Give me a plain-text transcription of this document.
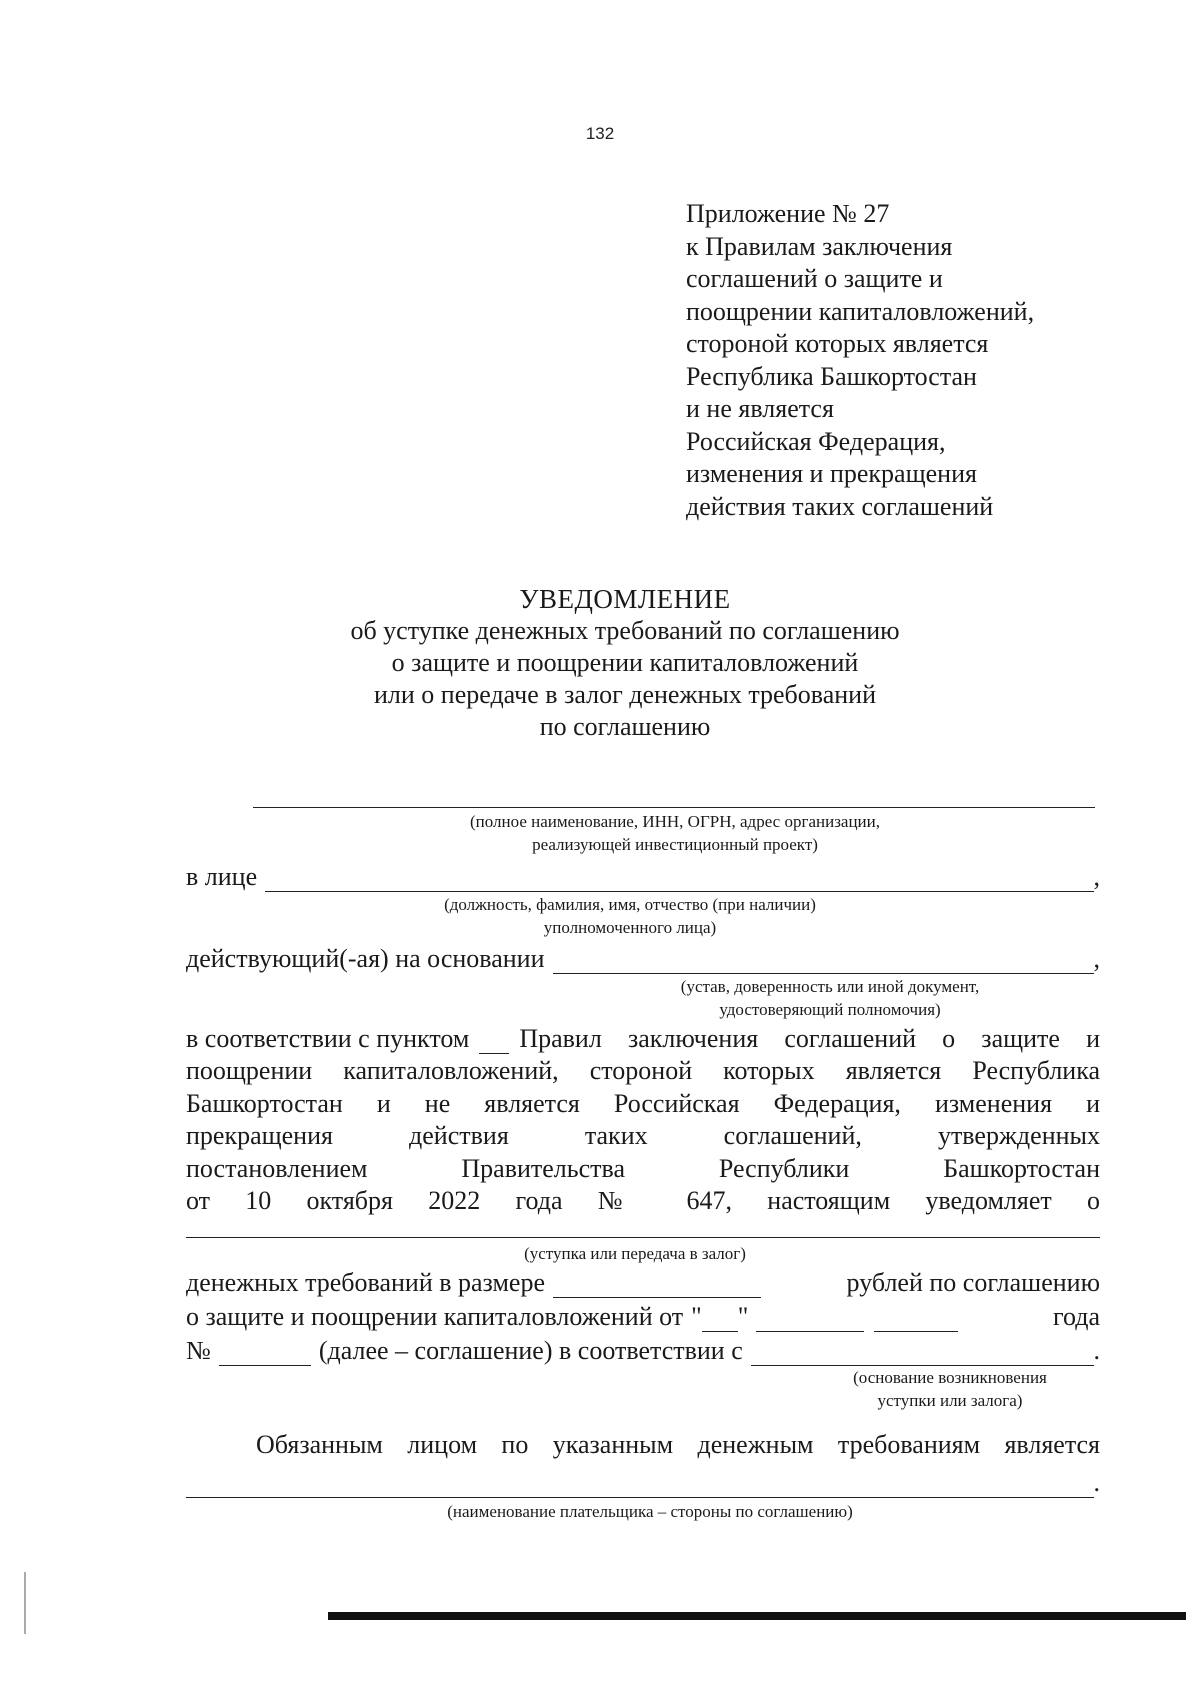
132
Приложение № 27
к Правилам заключения
соглашений о защите и
поощрении капиталовложений,
стороной которых является
Республика Башкортостан
и не является
Российская Федерация,
изменения и прекращения
действия таких соглашений
УВЕДОМЛЕНИЕ
об уступке денежных требований по соглашению
о защите и поощрении капиталовложений
или о передаче в залог денежных требований
по соглашению
(полное наименование, ИНН, ОГРН, адрес организации,
реализующей инвестиционный проект)
в лице	,
(должность, фамилия, имя, отчество (при наличии)
уполномоченного лица)
действующий(-ая) на основании	,
(устав, доверенность или иной документ,
удостоверяющий полномочия)
в соответствии с пунктом Правил заключения соглашений о защите и
поощрении капиталовложений, стороной которых является Республика
Башкортостан и не является Российская Федерация, изменения и
прекращения действия таких соглашений, утвержденных
постановлением Правительства Республики Башкортостан
от 10 октября 2022 года № 647, настоящим уведомляет о
(уступка или передача в залог)
денежных требований в размере	рублей по соглашению
о защите и поощрении капиталовложений от " "	года
№	(далее – соглашение) в соответствии с	.
(основание возникновения
уступки или залога)
Обязанным лицом по указанным денежным требованиям является
.
(наименование плательщика – стороны по соглашению)
